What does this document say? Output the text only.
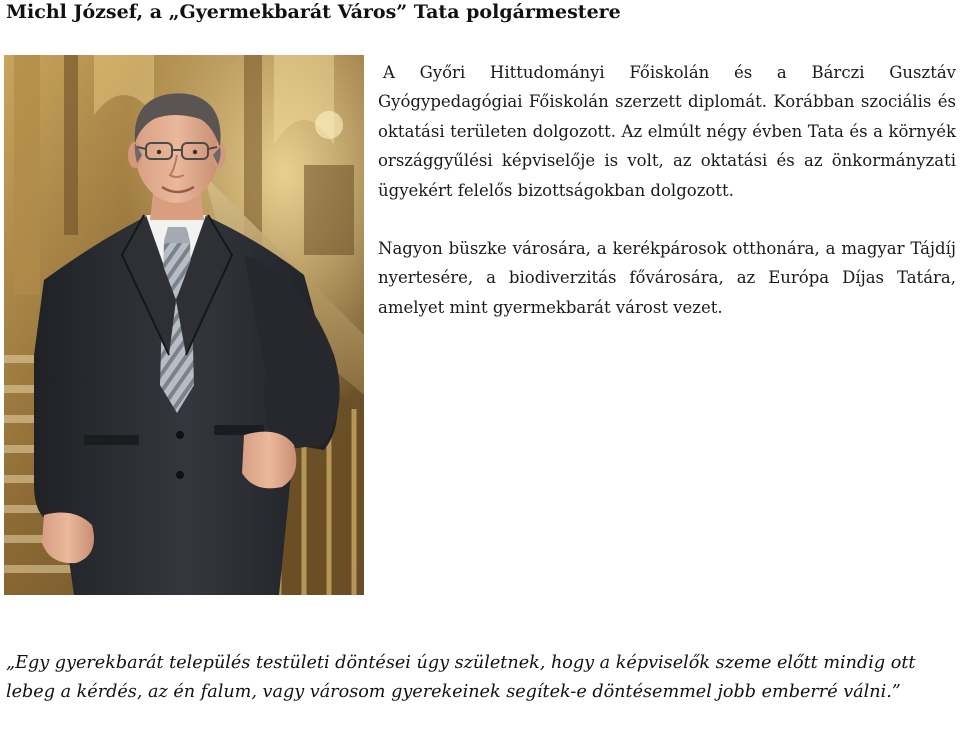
Michl József, a „Gyermekbarát Város” Tata polgármestere

A Győri Hittudományi Főiskolán és a Bárczi Gusztáv Gyógypedagógiai Főiskolán szerzett diplomát. Korábban szociális és oktatási területen dolgozott. Az elmúlt négy évben Tata és a környék országgyűlési képviselője is volt, az oktatási és az önkormányzati ügyekért felelős bizottságokban dolgozott.

Nagyon büszke városára, a kerékpárosok otthonára, a magyar Tájdíj nyertesére, a biodiverzitás fővárosára, az Európa Díjas Tatára, amelyet mint gyermekbarát várost vezet.

„Egy gyerekbarát település testületi döntései úgy születnek, hogy a képviselők szeme előtt mindig ott lebeg a kérdés, az én falum, vagy városom gyerekeinek segítek-e döntésemmel jobb emberré válni.”
